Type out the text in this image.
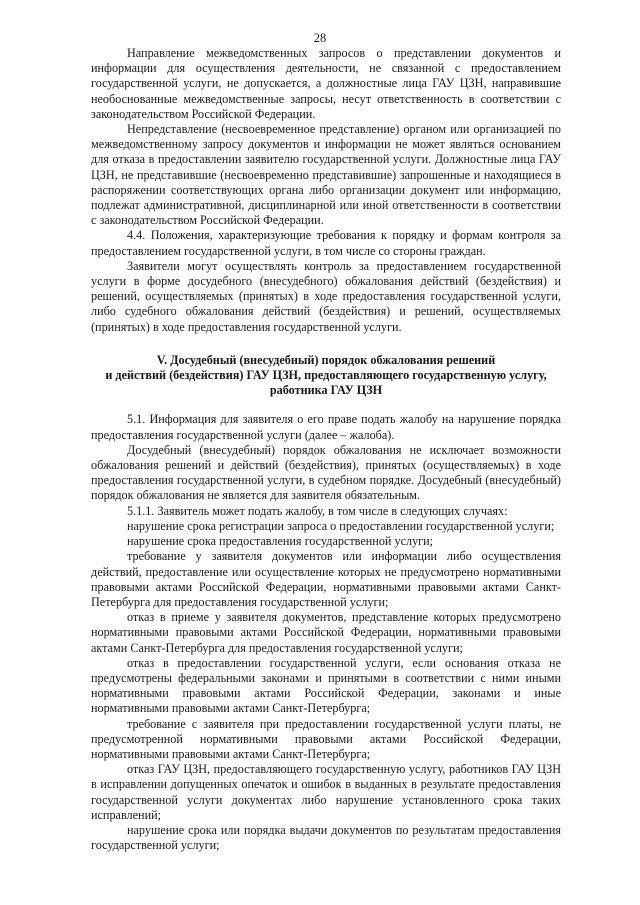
28

Направление межведомственных запросов о представлении документов и информации для осуществления деятельности, не связанной с предоставлением государственной услуги, не допускается, а должностные лица ГАУ ЦЗН, направившие необоснованные межведомственные запросы, несут ответственность в соответствии с законодательством Российской Федерации.

Непредставление (несвоевременное представление) органом или организацией по межведомственному запросу документов и информации не может являться основанием для отказа в предоставлении заявителю государственной услуги. Должностные лица ГАУ ЦЗН, не представившие (несвоевременно представившие) запрошенные и находящиеся в распоряжении соответствующих органа либо организации документ или информацию, подлежат административной, дисциплинарной или иной ответственности в соответствии с законодательством Российской Федерации.

4.4. Положения, характеризующие требования к порядку и формам контроля за предоставлением государственной услуги, в том числе со стороны граждан.

Заявители могут осуществлять контроль за предоставлением государственной услуги в форме досудебного (внесудебного) обжалования действий (бездействия) и решений, осуществляемых (принятых) в ходе предоставления государственной услуги, либо судебного обжалования действий (бездействия) и решений, осуществляемых (принятых) в ходе предоставления государственной услуги.

V. Досудебный (внесудебный) порядок обжалования решений
и действий (бездействия) ГАУ ЦЗН, предоставляющего государственную услугу,
работника ГАУ ЦЗН

5.1. Информация для заявителя о его праве подать жалобу на нарушение порядка предоставления государственной услуги (далее – жалоба).

Досудебный (внесудебный) порядок обжалования не исключает возможности обжалования решений и действий (бездействия), принятых (осуществляемых) в ходе предоставления государственной услуги, в судебном порядке. Досудебный (внесудебный) порядок обжалования не является для заявителя обязательным.

5.1.1. Заявитель может подать жалобу, в том числе в следующих случаях:

нарушение срока регистрации запроса о предоставлении государственной услуги;

нарушение срока предоставления государственной услуги;

требование у заявителя документов или информации либо осуществления действий, предоставление или осуществление которых не предусмотрено нормативными правовыми актами Российской Федерации, нормативными правовыми актами Санкт-Петербурга для предоставления государственной услуги;

отказ в приеме у заявителя документов, представление которых предусмотрено нормативными правовыми актами Российской Федерации, нормативными правовыми актами Санкт-Петербурга для предоставления государственной услуги;

отказ в предоставлении государственной услуги, если основания отказа не предусмотрены федеральными законами и принятыми в соответствии с ними иными нормативными правовыми актами Российской Федерации, законами и иные нормативными правовыми актами Санкт-Петербурга;

требование с заявителя при предоставлении государственной услуги платы, не предусмотренной нормативными правовыми актами Российской Федерации, нормативными правовыми актами Санкт-Петербурга;

отказ ГАУ ЦЗН, предоставляющего государственную услугу, работников ГАУ ЦЗН в исправлении допущенных опечаток и ошибок в выданных в результате предоставления государственной услуги документах либо нарушение установленного срока таких исправлений;

нарушение срока или порядка выдачи документов по результатам предоставления государственной услуги;
